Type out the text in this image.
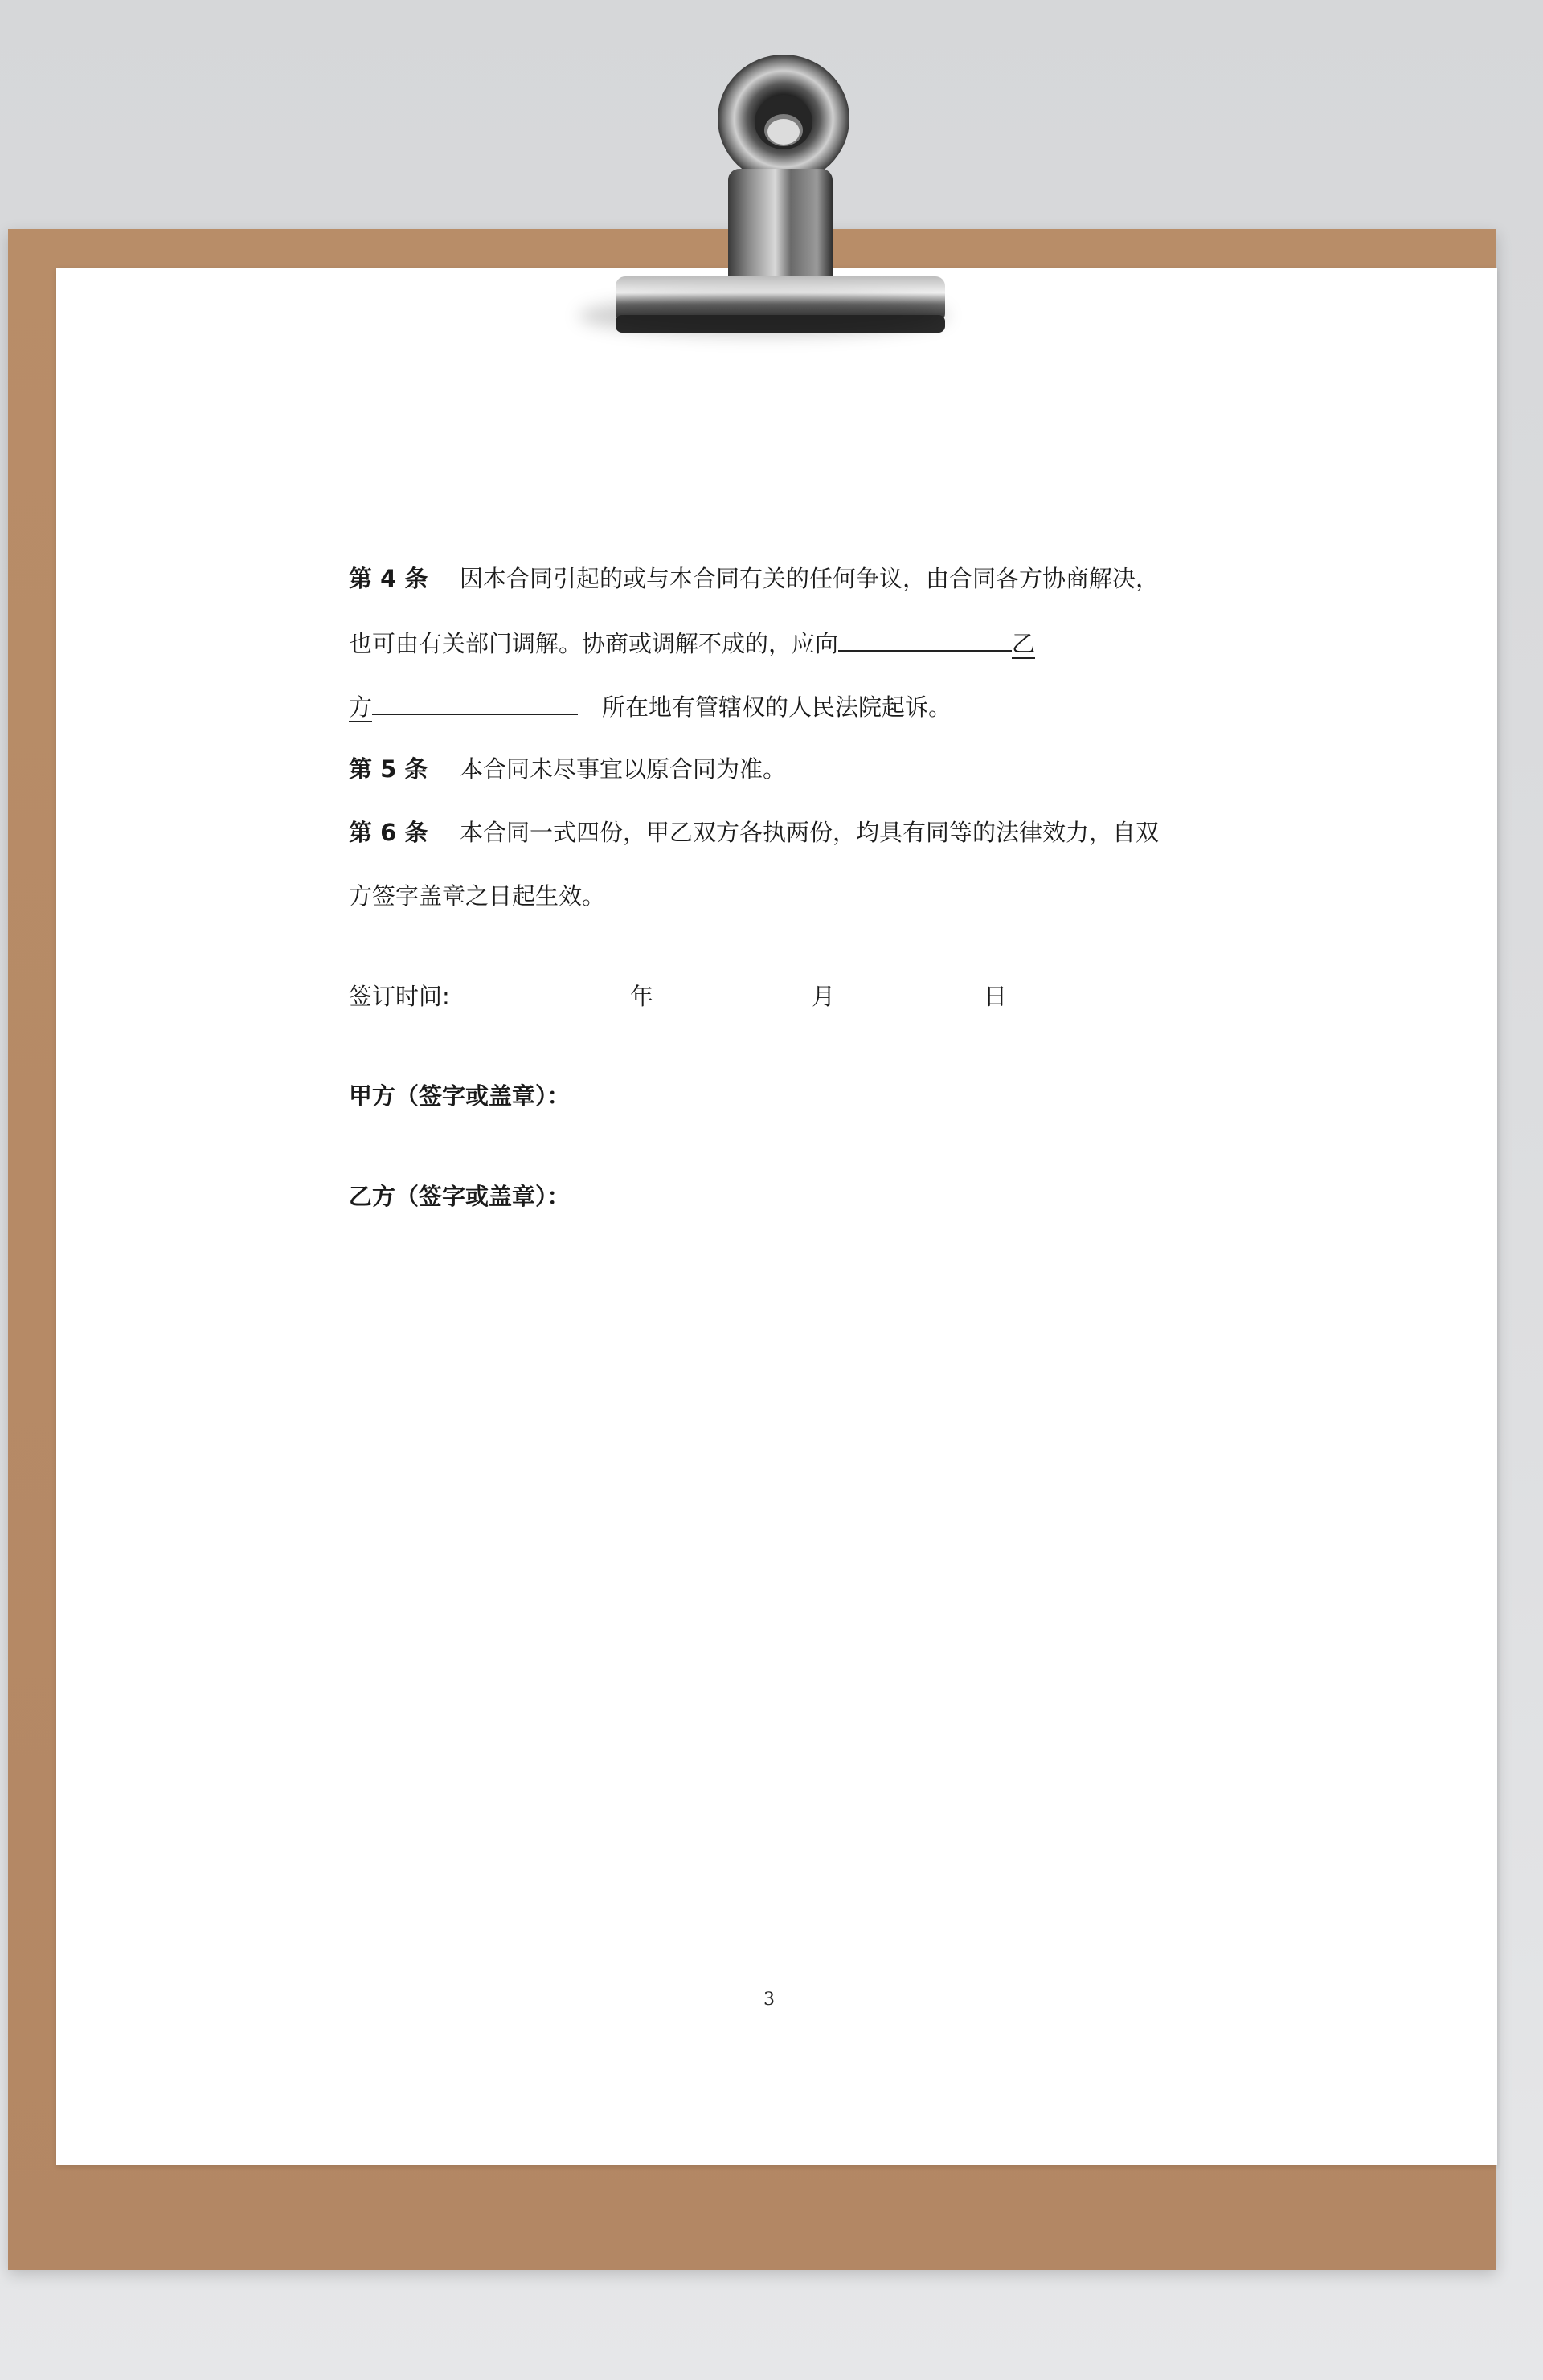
第 4 条 因本合同引起的或与本合同有关的任何争议，由合同各方协商解决，
也可由有关部门调解。协商或调解不成的，应向	乙
方	所在地有管辖权的人民法院起诉。
第 5 条 本合同未尽事宜以原合同为准。
第 6 条 本合同一式四份，甲乙双方各执两份，均具有同等的法律效力，自双
方签字盖章之日起生效。
签订时间:	年	月	日
甲方（签字或盖章）：
乙方（签字或盖章）：
3
